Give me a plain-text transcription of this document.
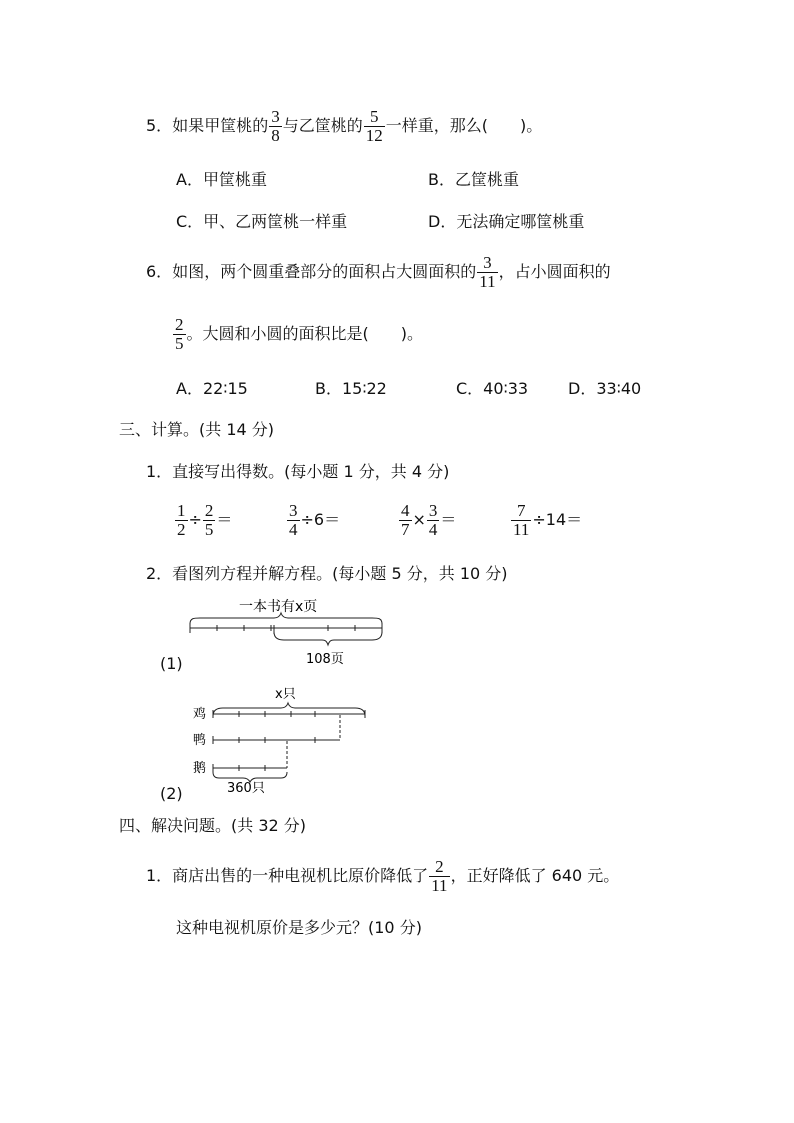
5．如果甲筐桃的 $\frac{3}{8}$ 与乙筐桃的 $\frac{5}{12}$ 一样重，那么(　　)。
A．甲筐桃重	B．乙筐桃重
C．甲、乙两筐桃一样重	D．无法确定哪筐桃重
6．如图，两个圆重叠部分的面积占大圆面积的 $\frac{3}{11}$ ，占小圆面积的
$\frac{2}{5}$ 。大圆和小圆的面积比是(　　)。
A．22∶15	B．15∶22	C．40∶33 D．33∶40
三、计算。(共 14 分)
1．直接写出得数。(每小题 1 分，共 4 分)
$\frac{1}{2} \div \frac{2}{5}$ ＝	$\frac{3}{4} \div 6=$	$\frac{4}{7} \times \frac{3}{4}$ ＝	$\frac{7}{11} \div 14=$
2．看图列方程并解方程。(每小题 5 分，共 10 分)
一本书有x页
108页
(1)
x只
鸡
鸭
鹅
360只
(2)
四、解决问题。(共 32 分)
1．商店出售的一种电视机比原价降低了 $\frac{2}{11}$ ，正好降低了 640 元。
这种电视机原价是多少元？(10 分)
